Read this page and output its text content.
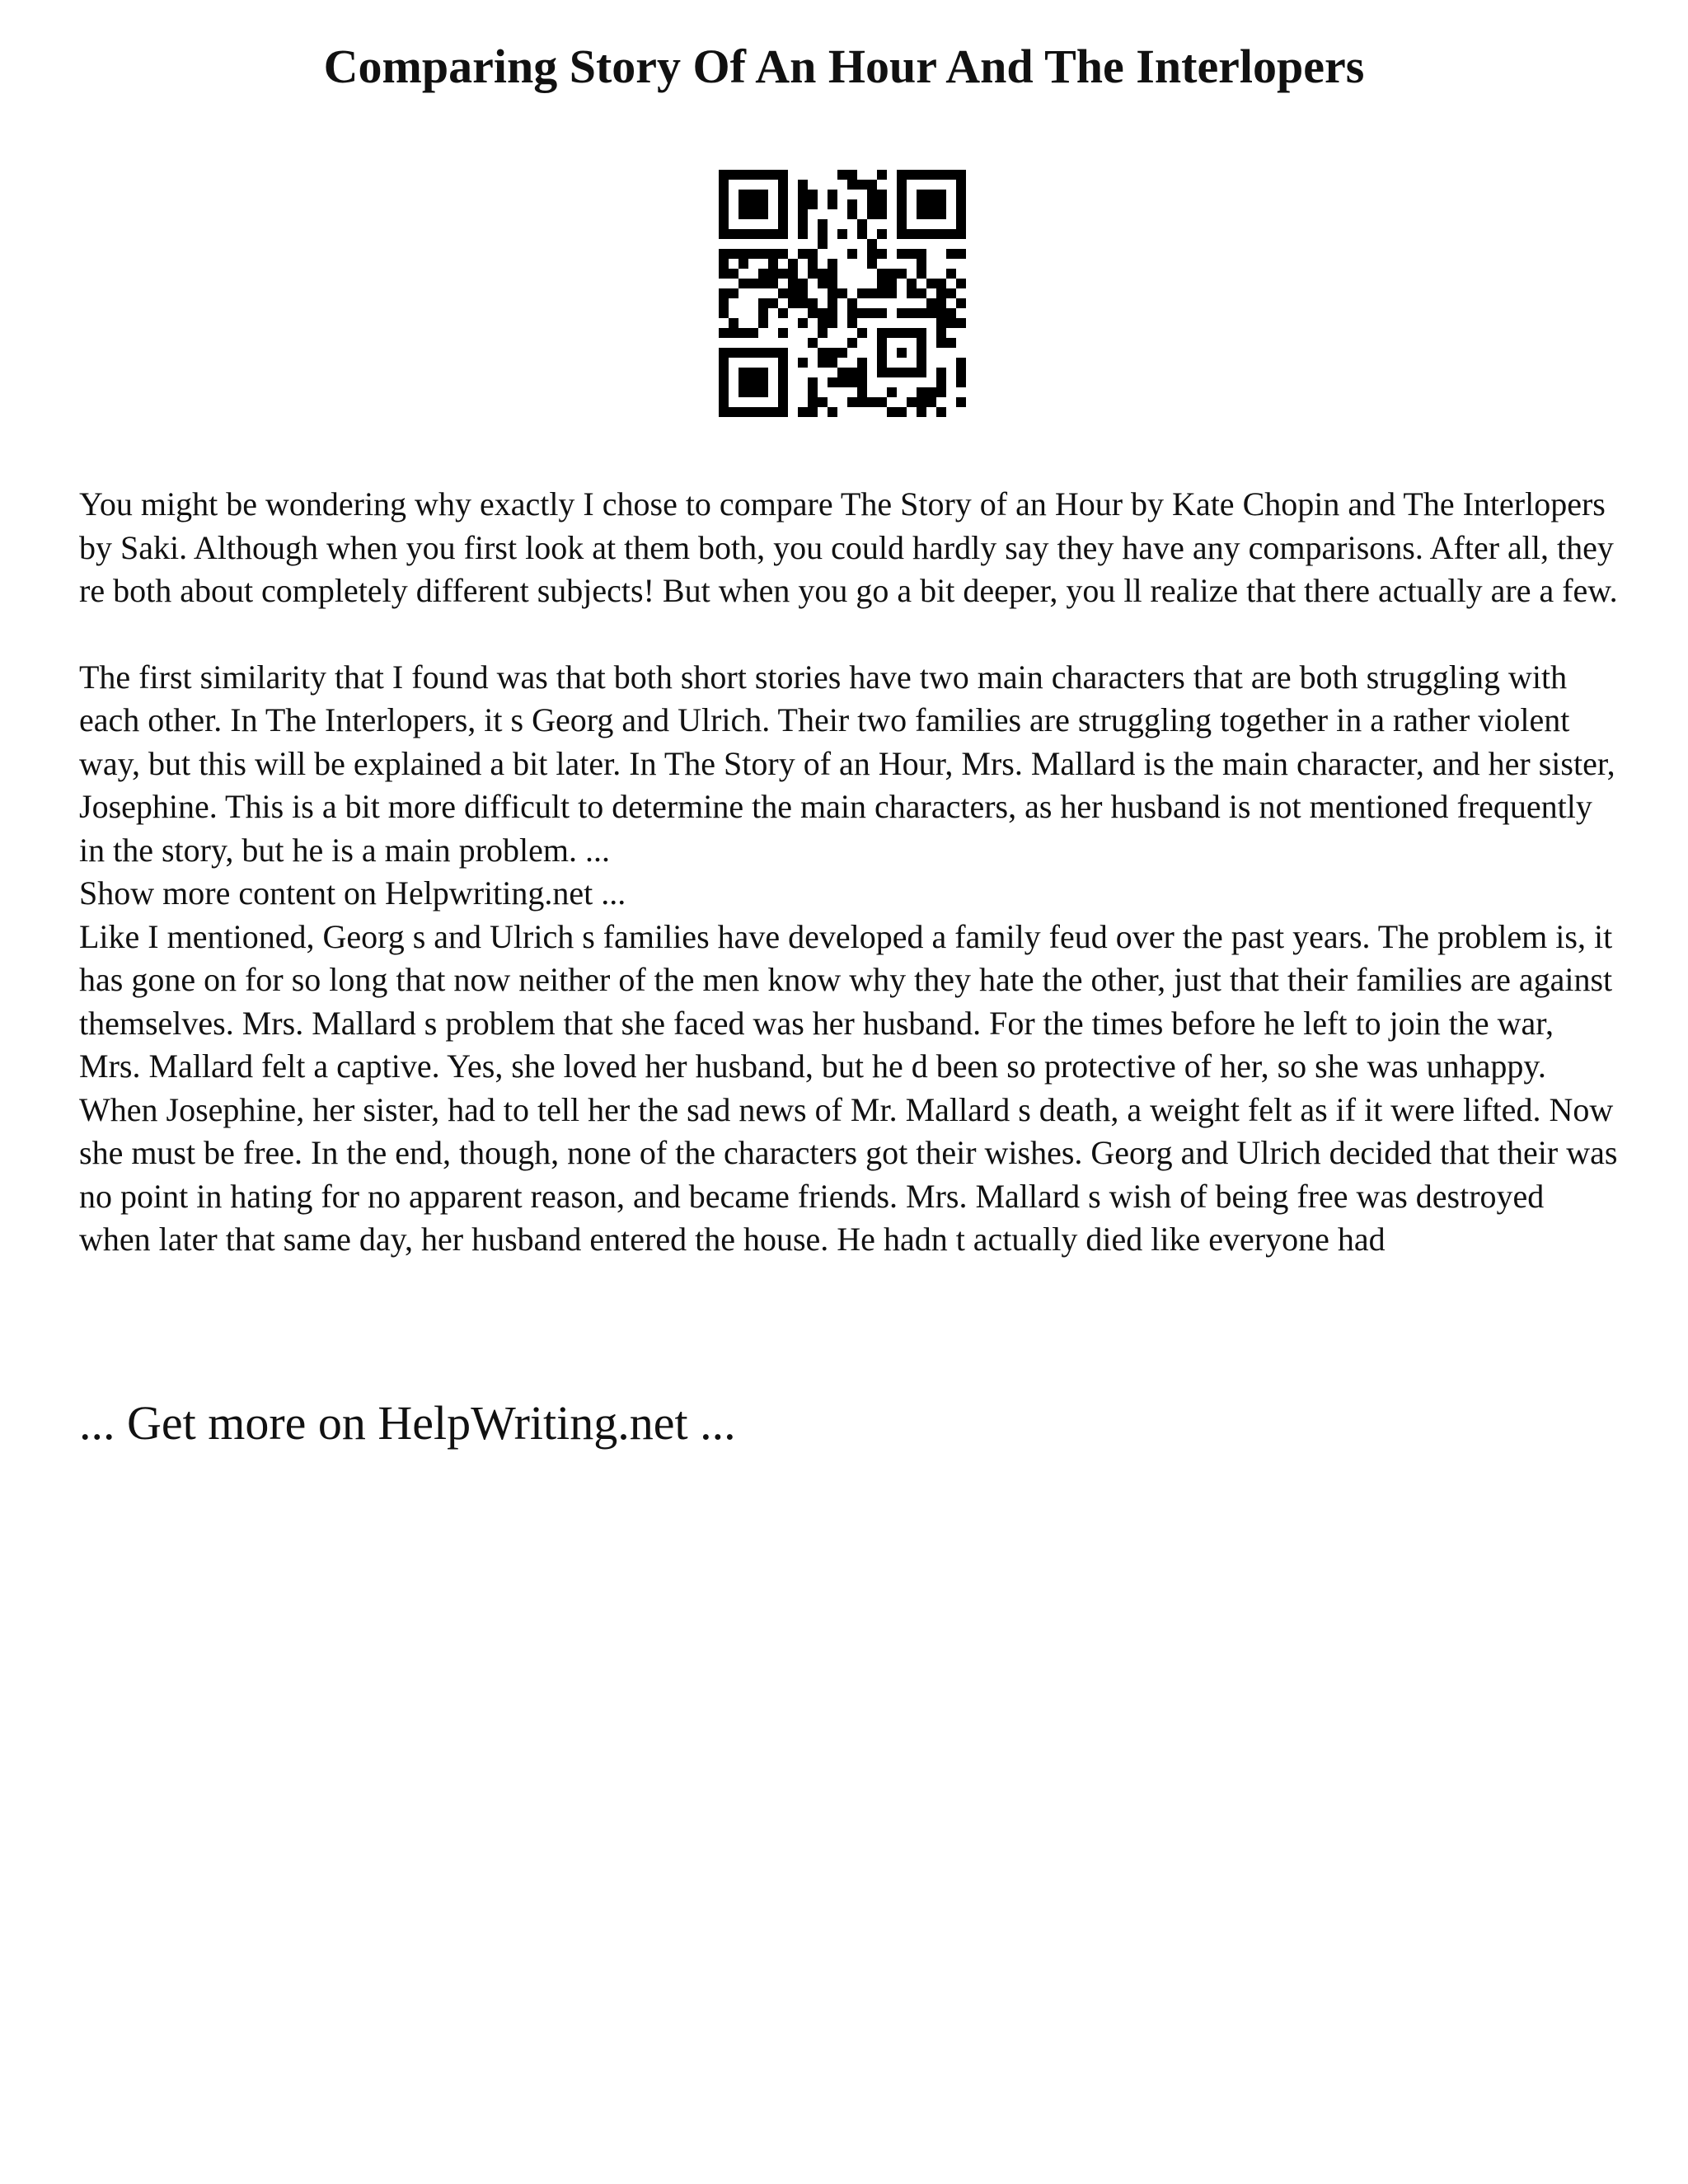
Comparing Story Of An Hour And The Interlopers

You might be wondering why exactly I chose to compare The Story of an Hour by Kate Chopin and The Interlopers by Saki. Although when you first look at them both, you could hardly say they have any comparisons. After all, they re both about completely different subjects! But when you go a bit deeper, you ll realize that there actually are a few.

The first similarity that I found was that both short stories have two main characters that are both struggling with each other. In The Interlopers, it s Georg and Ulrich. Their two families are struggling together in a rather violent way, but this will be explained a bit later. In The Story of an Hour, Mrs. Mallard is the main character, and her sister, Josephine. This is a bit more difficult to determine the main characters, as her husband is not mentioned frequently in the story, but he is a main problem. ...

Show more content on Helpwriting.net ...

Like I mentioned, Georg s and Ulrich s families have developed a family feud over the past years. The problem is, it has gone on for so long that now neither of the men know why they hate the other, just that their families are against themselves. Mrs. Mallard s problem that she faced was her husband. For the times before he left to join the war, Mrs. Mallard felt a captive. Yes, she loved her husband, but he d been so protective of her, so she was unhappy. When Josephine, her sister, had to tell her the sad news of Mr. Mallard s death, a weight felt as if it were lifted. Now she must be free. In the end, though, none of the characters got their wishes. Georg and Ulrich decided that their was no point in hating for no apparent reason, and became friends. Mrs. Mallard s wish of being free was destroyed when later that same day, her husband entered the house. He hadn t actually died like everyone had

... Get more on HelpWriting.net ...
